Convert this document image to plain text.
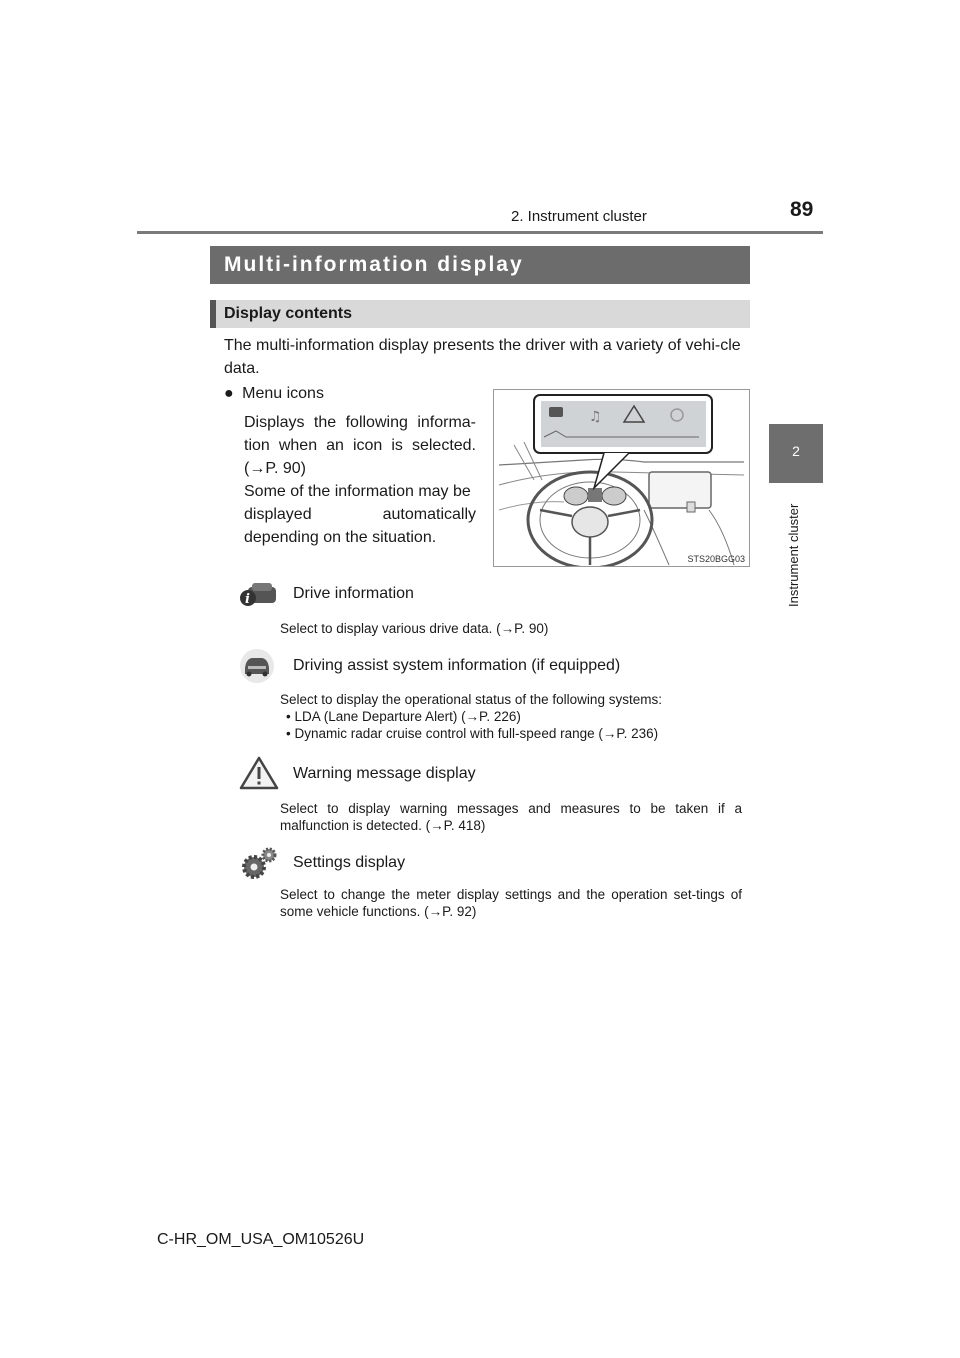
2. Instrument cluster	89
2
Instrument cluster
Multi-information display
Display contents
The multi-information display presents the driver with a variety of vehi-cle data.
● Menu icons
Displays the following informa-
tion when an icon is selected.
(→P. 90)
Some of the information may be
displayed automatically
depending on the situation.
♫
STS20BGG03
i	Drive information
Select to display various drive data. (→P. 90)
Driving assist system information (if equipped)
Select to display the operational status of the following systems:
• LDA (Lane Departure Alert) (→P. 226)
• Dynamic radar cruise control with full-speed range (→P. 236)
Warning message display
Select to display warning messages and measures to be taken if a malfunction is detected. (→P. 418)
Settings display
Select to change the meter display settings and the operation set-tings of some vehicle functions. (→P. 92)
C-HR_OM_USA_OM10526U
